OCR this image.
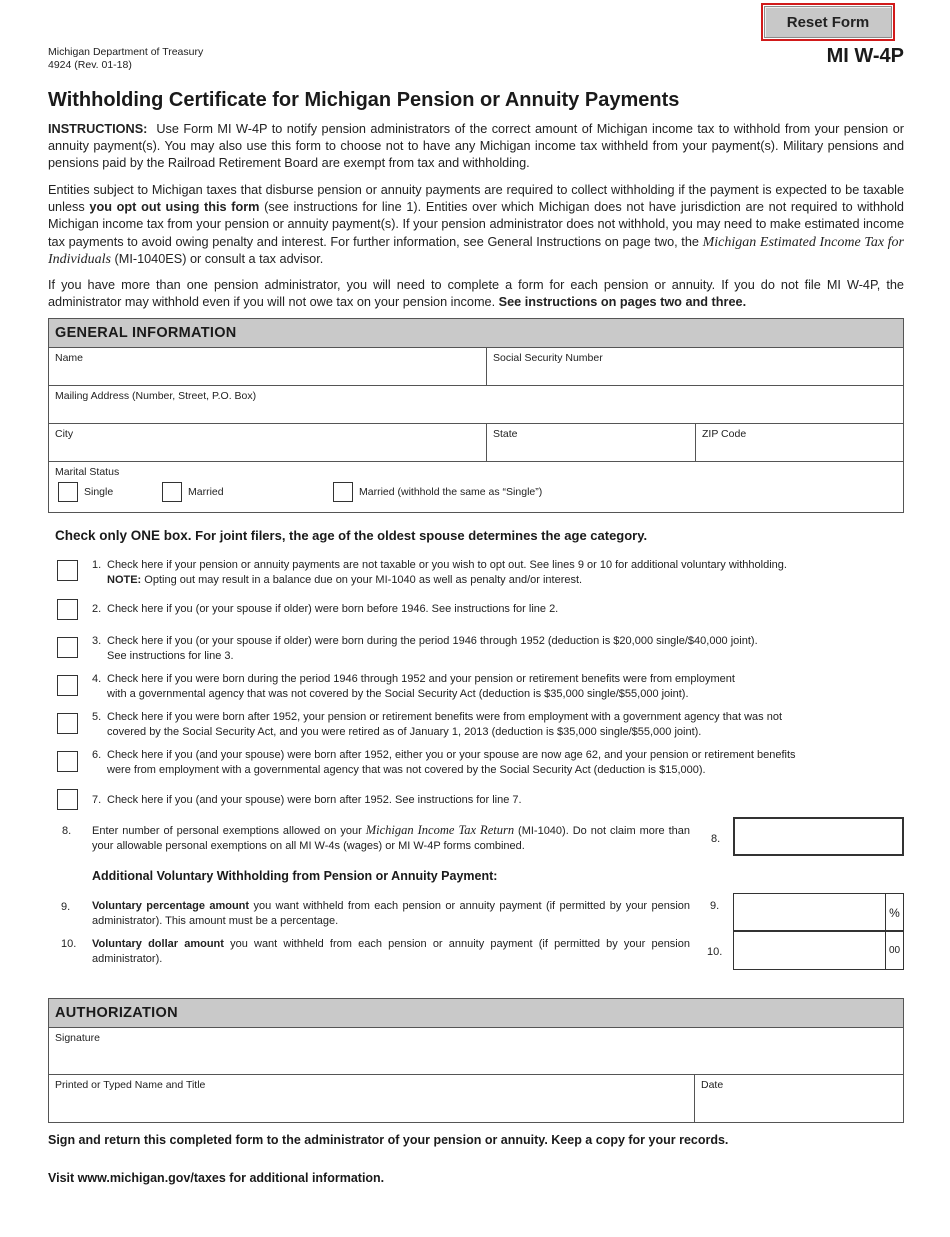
Reset Form
Michigan Department of Treasury
4924 (Rev. 01-18)	MI W-4P
Withholding Certificate for Michigan Pension or Annuity Payments
INSTRUCTIONS: Use Form MI W-4P to notify pension administrators of the correct amount of Michigan income tax to withhold from your pension or annuity payment(s). You may also use this form to choose not to have any Michigan income tax withheld from your payment(s). Military pensions and pensions paid by the Railroad Retirement Board are exempt from tax and withholding.
Entities subject to Michigan taxes that disburse pension or annuity payments are required to collect withholding if the payment is expected to be taxable unless you opt out using this form (see instructions for line 1). Entities over which Michigan does not have jurisdiction are not required to withhold Michigan income tax from your pension or annuity payment(s). If your pension administrator does not withhold, you may need to make estimated income tax payments to avoid owing penalty and interest. For further information, see General Instructions on page two, the Michigan Estimated Income Tax for Individuals (MI-1040ES) or consult a tax advisor.
If you have more than one pension administrator, you will need to complete a form for each pension or annuity. If you do not file MI W-4P, the administrator may withhold even if you will not owe tax on your pension income. See instructions on pages two and three.
GENERAL INFORMATION
Name	Social Security Number
Mailing Address (Number, Street, P.O. Box)
City	State	ZIP Code
Marital Status
Single	Married	Married (withhold the same as “Single”)
Check only ONE box. For joint filers, the age of the oldest spouse determines the age category.
1. Check here if your pension or annuity payments are not taxable or you wish to opt out. See lines 9 or 10 for additional voluntary withholding.
NOTE: Opting out may result in a balance due on your MI-1040 as well as penalty and/or interest.
2. Check here if you (or your spouse if older) were born before 1946. See instructions for line 2.
3. Check here if you (or your spouse if older) were born during the period 1946 through 1952 (deduction is $20,000 single/$40,000 joint).
See instructions for line 3.
4. Check here if you were born during the period 1946 through 1952 and your pension or retirement benefits were from employment
with a governmental agency that was not covered by the Social Security Act (deduction is $35,000 single/$55,000 joint).
5. Check here if you were born after 1952, your pension or retirement benefits were from employment with a government agency that was not
covered by the Social Security Act, and you were retired as of January 1, 2013 (deduction is $35,000 single/$55,000 joint).
6. Check here if you (and your spouse) were born after 1952, either you or your spouse are now age 62, and your pension or retirement benefits
were from employment with a governmental agency that was not covered by the Social Security Act (deduction is $15,000).
7. Check here if you (and your spouse) were born after 1952. See instructions for line 7.
8. Enter number of personal exemptions allowed on your Michigan Income Tax Return (MI-1040). Do not claim more than your allowable personal exemptions on all MI W-4s (wages) or MI W-4P forms combined.
8.
Additional Voluntary Withholding from Pension or Annuity Payment:
9. Voluntary percentage amount you want withheld from each pension or annuity payment (if permitted by your pension administrator). This amount must be a percentage.
9.	%
10. Voluntary dollar amount you want withheld from each pension or annuity payment (if permitted by your pension administrator).
10.	00
AUTHORIZATION
Signature
Printed or Typed Name and Title	Date
Sign and return this completed form to the administrator of your pension or annuity. Keep a copy for your records.
Visit www.michigan.gov/taxes for additional information.
